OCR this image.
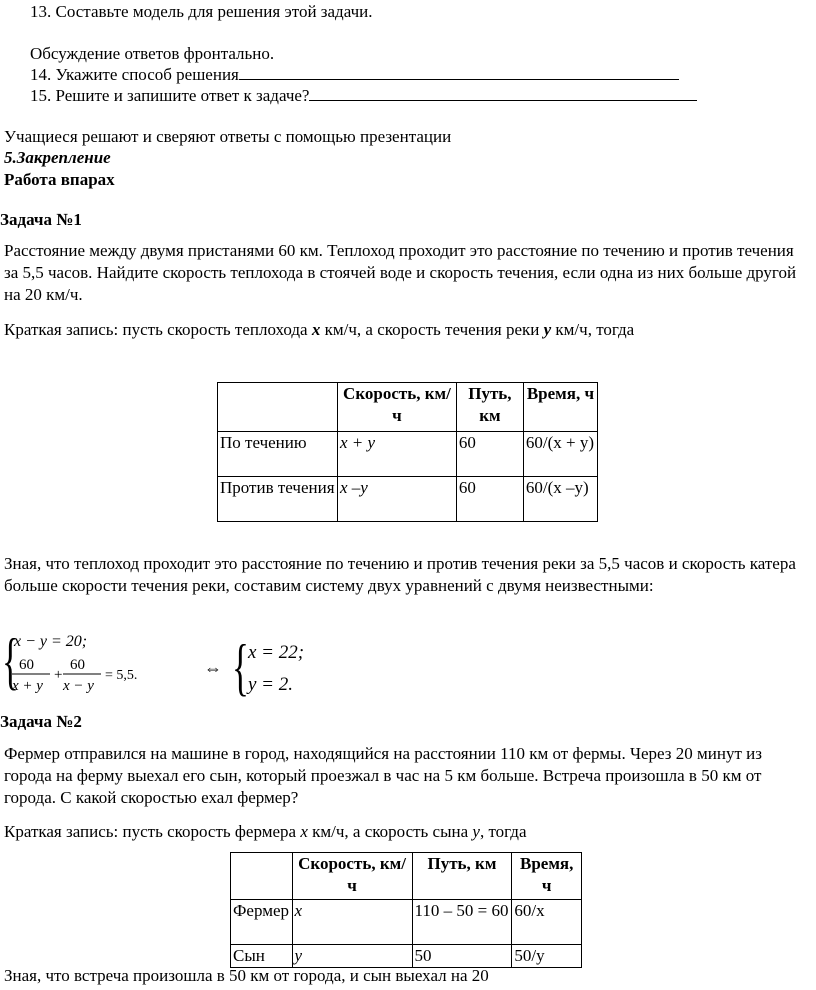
13. Составьте модель для решения этой задачи.
Обсуждение ответов фронтально.
14. Укажите способ решения
15. Решите и запишите ответ к задаче?
Учащиеся решают и сверяют ответы с помощью презентации
5.Закрепление
Работа впарах
Задача №1
Расстояние между двумя пристанями 60 км. Теплоход проходит это расстояние по течению и против течения за 5,5 часов. Найдите скорость теплохода в стоячей воде и скорость течения, если одна из них больше другой на 20 км/ч.
Краткая запись: пусть скорость теплохода x км/ч, а скорость течения реки y км/ч, тогда
	Скорость, км/ч	Путь, км	Время, ч
По течению	x + y	60	60/(x + y)
Против течения	x –y	60	60/(x –y)
Зная, что теплоход проходит это расстояние по течению и против течения реки за 5,5 часов и скорость катера больше скорости течения реки, составим систему двух уравнений с двумя неизвестными:
{
x − y = 20;
60
x + y
+
60
x − y
= 5,5.	⇔ { x = 22;
y = 2.
Задача №2
Фермер отправился на машине в город, находящийся на расстоянии 110 км от фермы. Через 20 минут из города на ферму выехал его сын, который проезжал в час на 5 км больше. Встреча произошла в 50 км от города. С какой скоростью ехал фермер?
Краткая запись: пусть скорость фермера x км/ч, а скорость сына y, тогда
	Скорость, км/ч	Путь, км	Время, ч
Фермер	x	110 – 50 = 60	60/x
Сын	y	50	50/y
Зная, что встреча произошла в 50 км от города, и сын выехал на 20
